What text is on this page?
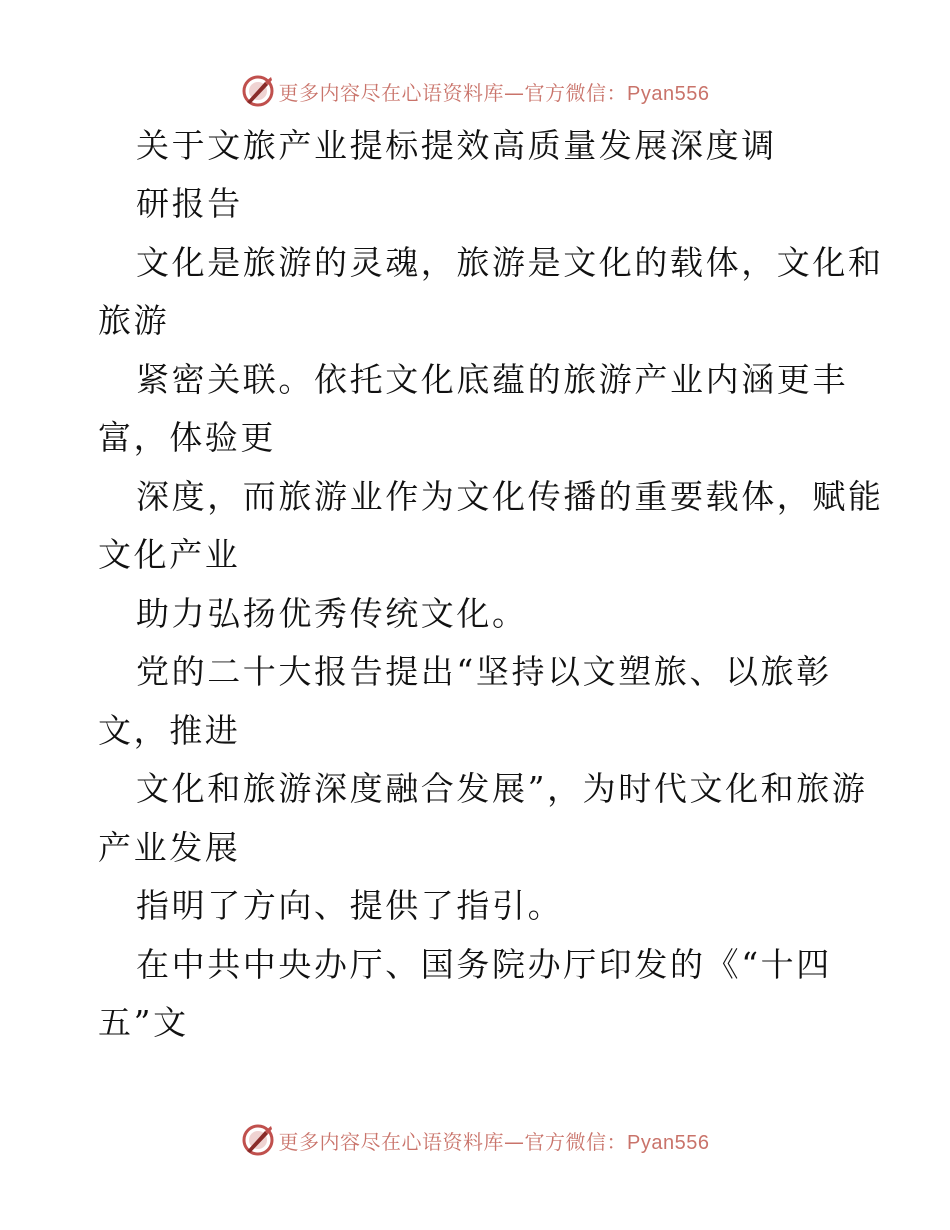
更多内容尽在心语资料库—官方微信：Pyan556
关于文旅产业提标提效高质量发展深度调
研报告
文化是旅游的灵魂，旅游是文化的载体，文化和
旅游
紧密关联。依托文化底蕴的旅游产业内涵更丰
富，体验更
深度，而旅游业作为文化传播的重要载体，赋能
文化产业
助力弘扬优秀传统文化。
党的二十大报告提出“坚持以文塑旅、以旅彰
文，推进
文化和旅游深度融合发展”，为时代文化和旅游
产业发展
指明了方向、提供了指引。
在中共中央办厅、国务院办厅印发的《“十四
五”文
更多内容尽在心语资料库—官方微信：Pyan556
